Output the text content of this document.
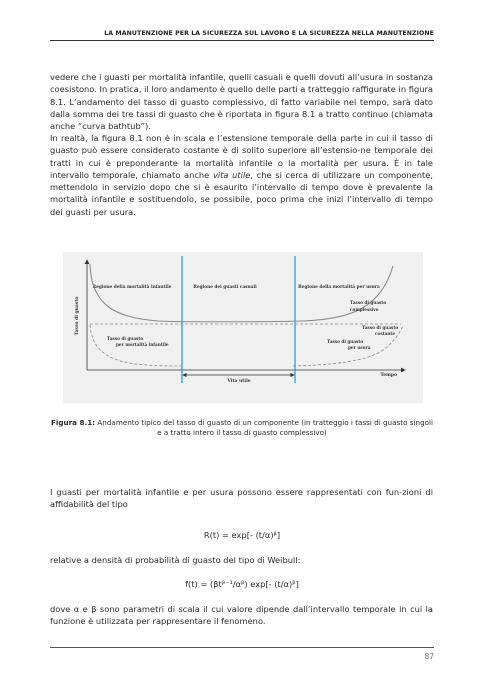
LA MANUTENZIONE PER LA SICUREZZA SUL LAVORO E LA SICUREZZA NELLA MANUTENZIONE

vedere che i guasti per mortalità infantile, quelli casuali e quelli dovuti all’usura in sostanza coesistono. In pratica, il loro andamento è quello delle parti a tratteggio raffigurate in figura 8.1. L’andamento del tasso di guasto complessivo, di fatto variabile nel tempo, sarà dato dalla somma dei tre tassi di guasto che è riportata in figura 8.1 a tratto continuo (chiamata anche “curva bathtub”).

In realtà, la figura 8.1 non è in scala e l’estensione temporale della parte in cui il tasso di guasto può essere considerato costante è di solito superiore all’estensio-ne temporale dei tratti in cui è preponderante la mortalità infantile o la mortalità per usura. È in tale intervallo temporale, chiamato anche vita utile, che si cerca di utilizzare un componente, mettendolo in servizio dopo che si è esaurito l’intervallo di tempo dove è prevalente la mortalità infantile e sostituendolo, se possibile, poco prima che inizi l’intervallo di tempo dei guasti per usura.

Tasso di guasto
Tempo
Regione della mortalità infantile	Regione dei guasti casuali	Regione della mortalità per usura
Tasso di guasto
complessivo
Tasso di guasto
costante
Tasso di guasto
per mortalità infantile
Tasso di guasto
per usura
Vita utile
Figura 8.1: Andamento tipico del tasso di guasto di un componente (in tratteggio i tassi di guasto singoli e a tratto intero il tasso di guasto complessivo)

I guasti per mortalità infantile e per usura possono essere rappresentati con fun-zioni di affidabilità del tipo

R(t) = exp[- (t/α)ᵝ]

relative a densità di probabilità di guasto del tipo di Weibull:

f(t) = (βtᵝ⁻¹/αᵝ) exp[- (t/α)ᵝ]

dove α e β sono parametri di scala il cui valore dipende dall’intervallo temporale in cui la funzione è utilizzata per rappresentare il fenomeno.

87
